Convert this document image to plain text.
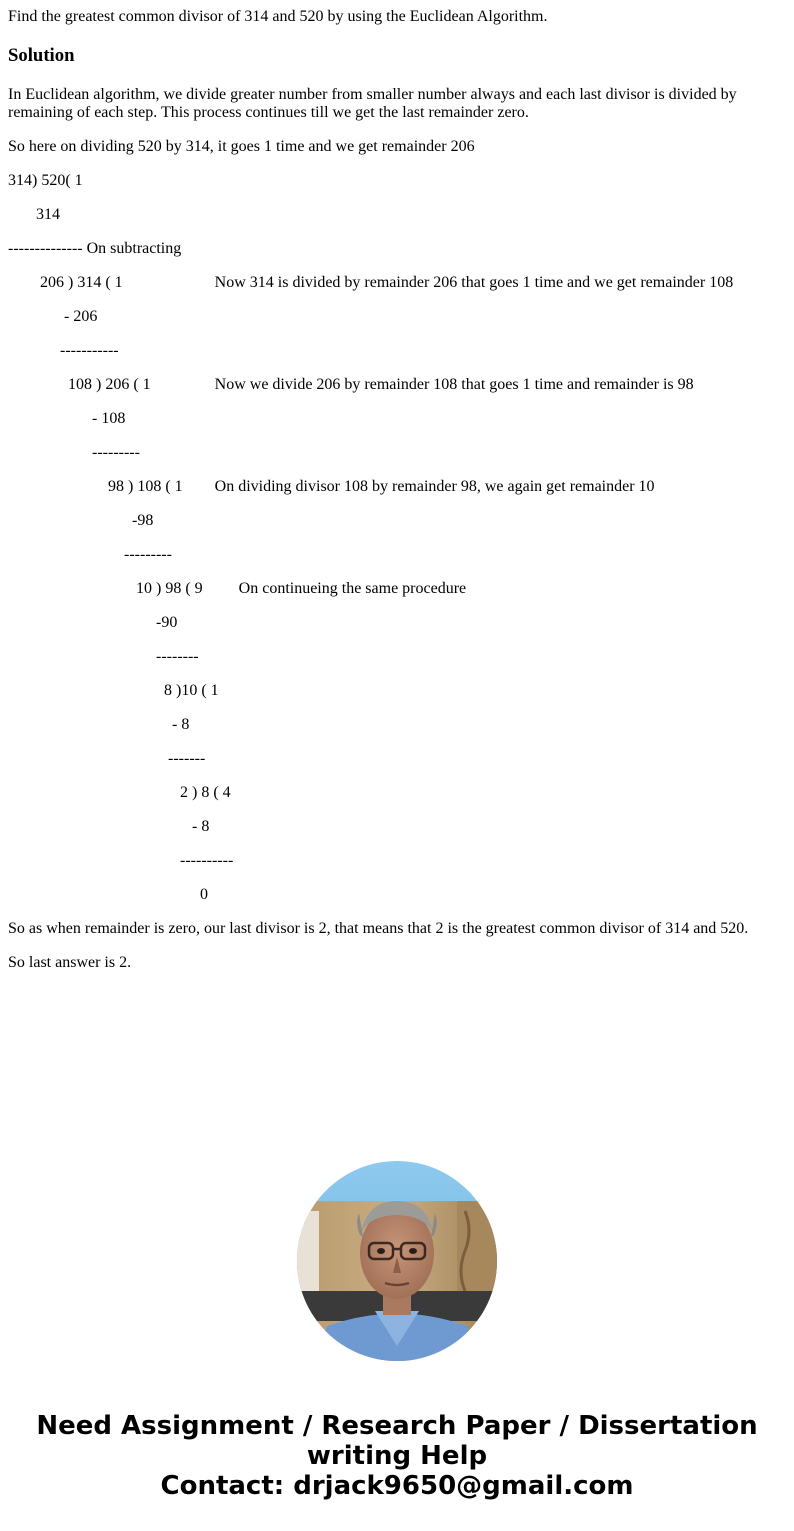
Find the greatest common divisor of 314 and 520 by using the Euclidean Algorithm.

Solution

In Euclidean algorithm, we divide greater number from smaller number always and each last divisor is divided by remaining of each step. This process continues till we get the last remainder zero.

So here on dividing 520 by 314, it goes 1 time and we get remainder 206

314) 520( 1
314
-------------- On subtracting
206 ) 314 ( 1                       Now 314 is divided by remainder 206 that goes 1 time and we get remainder 108
- 206
-----------
108 ) 206 ( 1                Now we divide 206 by remainder 108 that goes 1 time and remainder is 98
- 108
---------
98 ) 108 ( 1        On dividing divisor 108 by remainder 98, we again get remainder 10
-98
---------
10 ) 98 ( 9         On continueing the same procedure
-90
--------
8 )10 ( 1
- 8
-------
2 ) 8 ( 4
- 8
----------
0

So as when remainder is zero, our last divisor is 2, that means that 2 is the greatest common divisor of 314 and 520.

So last answer is 2.

Need Assignment / Research Paper / Dissertation
writing Help
Contact: drjack9650@gmail.com
